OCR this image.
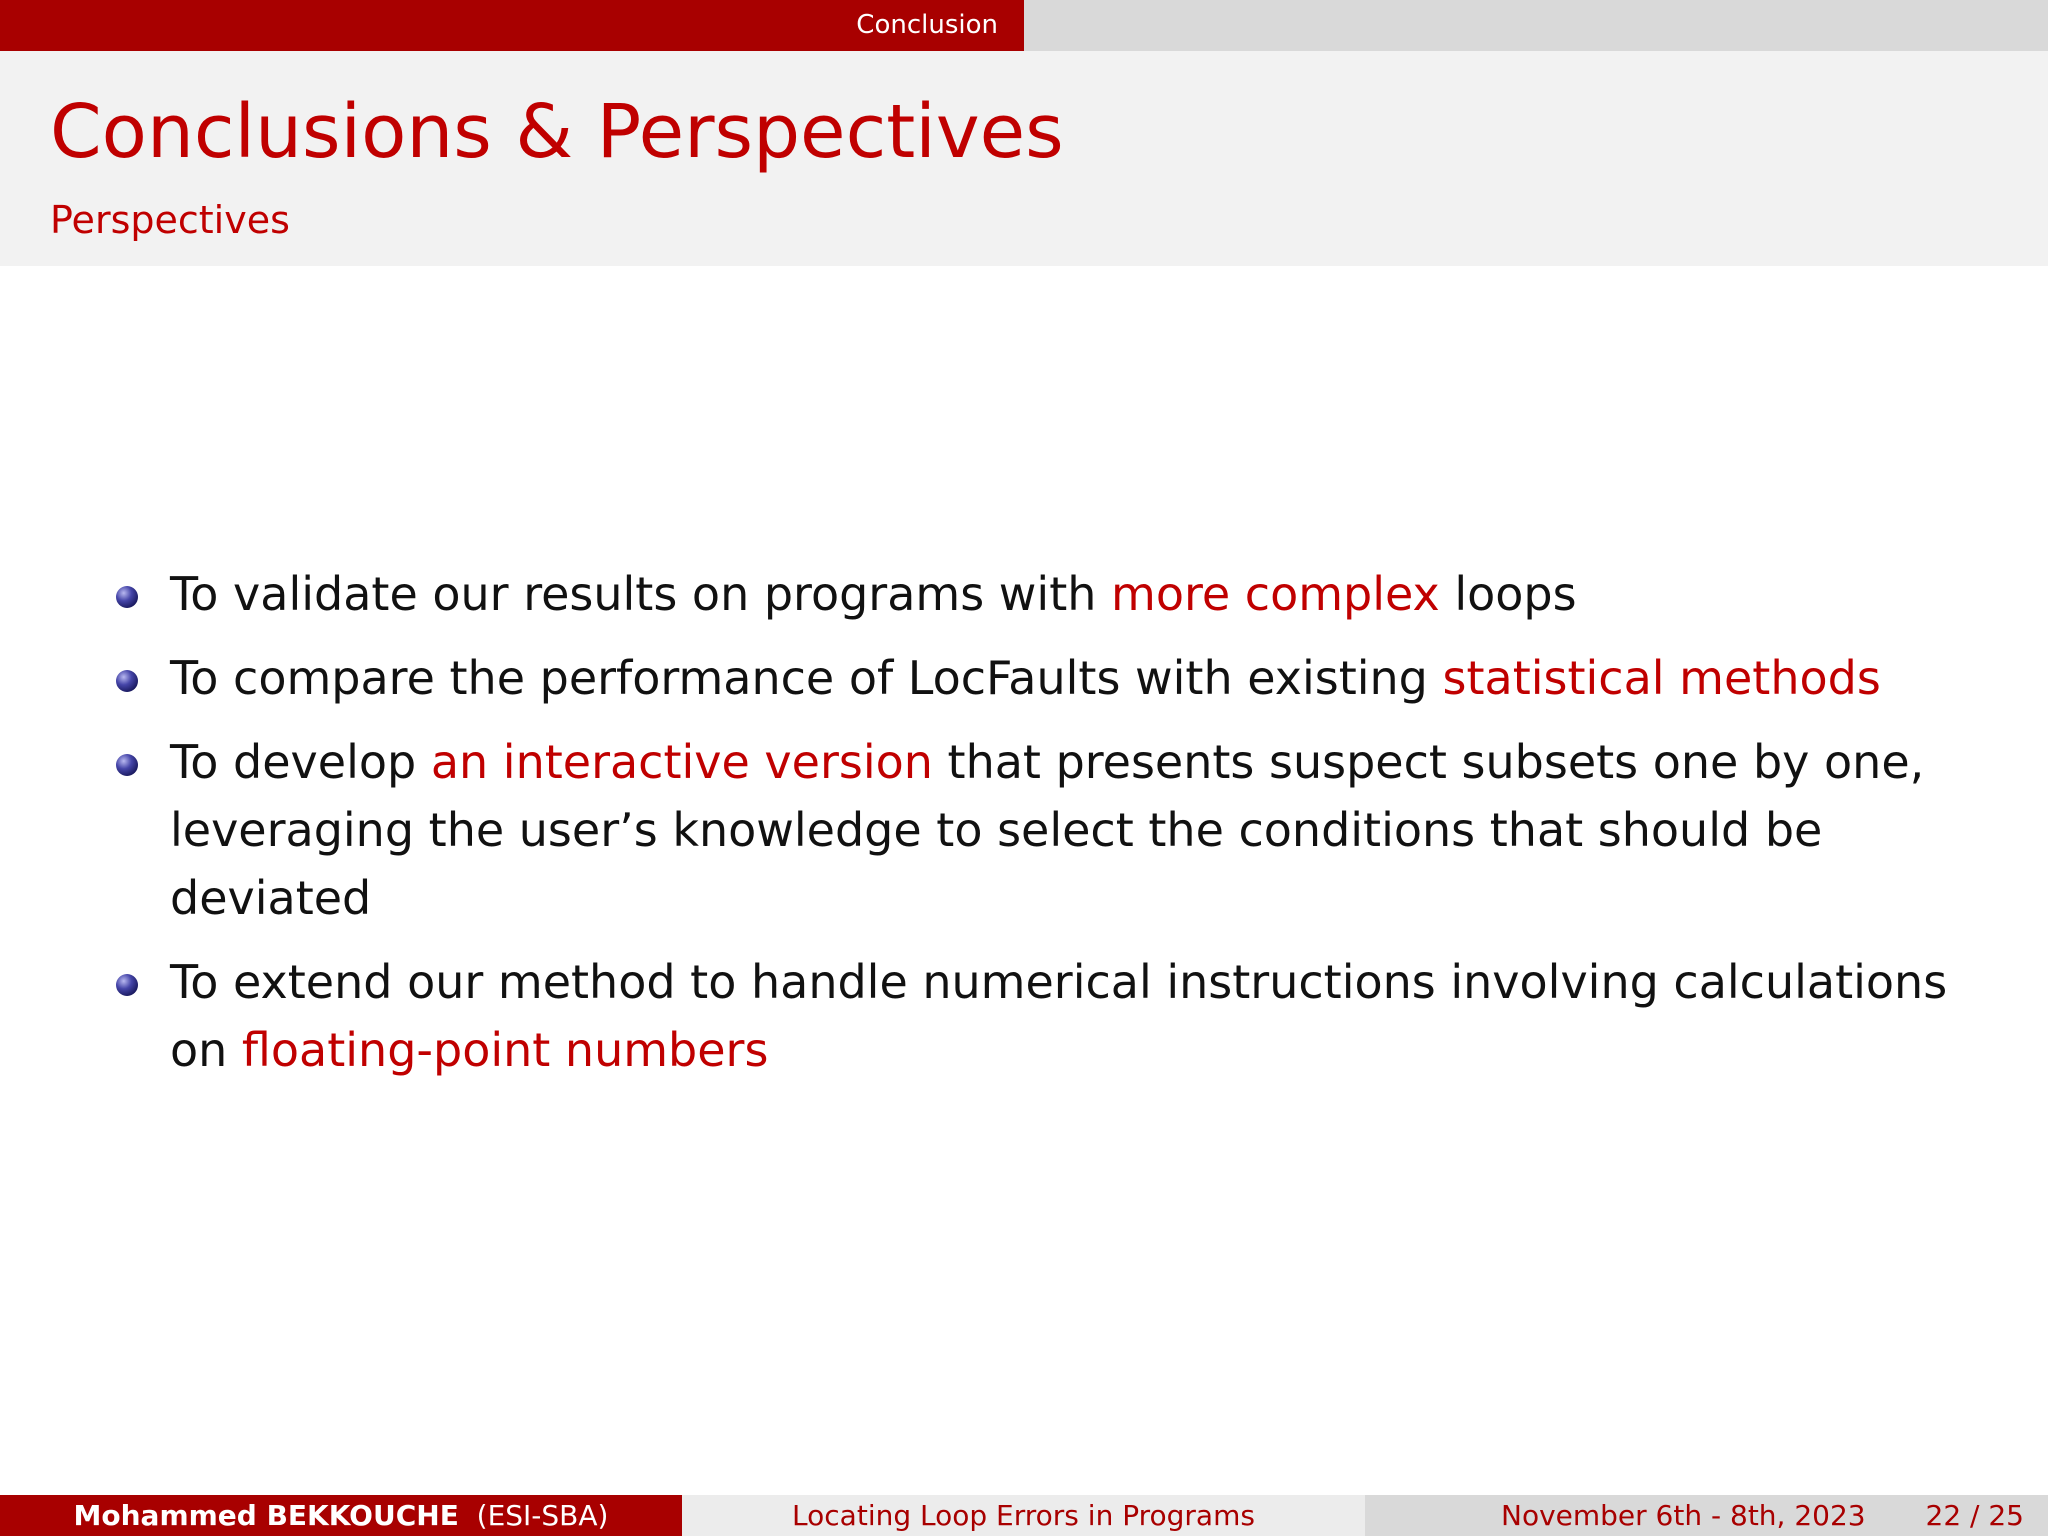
Conclusion
Conclusions & Perspectives
Perspectives
To validate our results on programs with more complex loops
To compare the performance of LocFaults with existing statistical methods
To develop an interactive version that presents suspect subsets one by one, leveraging the user’s knowledge to select the conditions that should be deviated
To extend our method to handle numerical instructions involving calculations on floating-point numbers
Mohammed BEKKOUCHE (ESI-SBA)	Locating Loop Errors in Programs	November 6th - 8th, 2023 22 / 25
